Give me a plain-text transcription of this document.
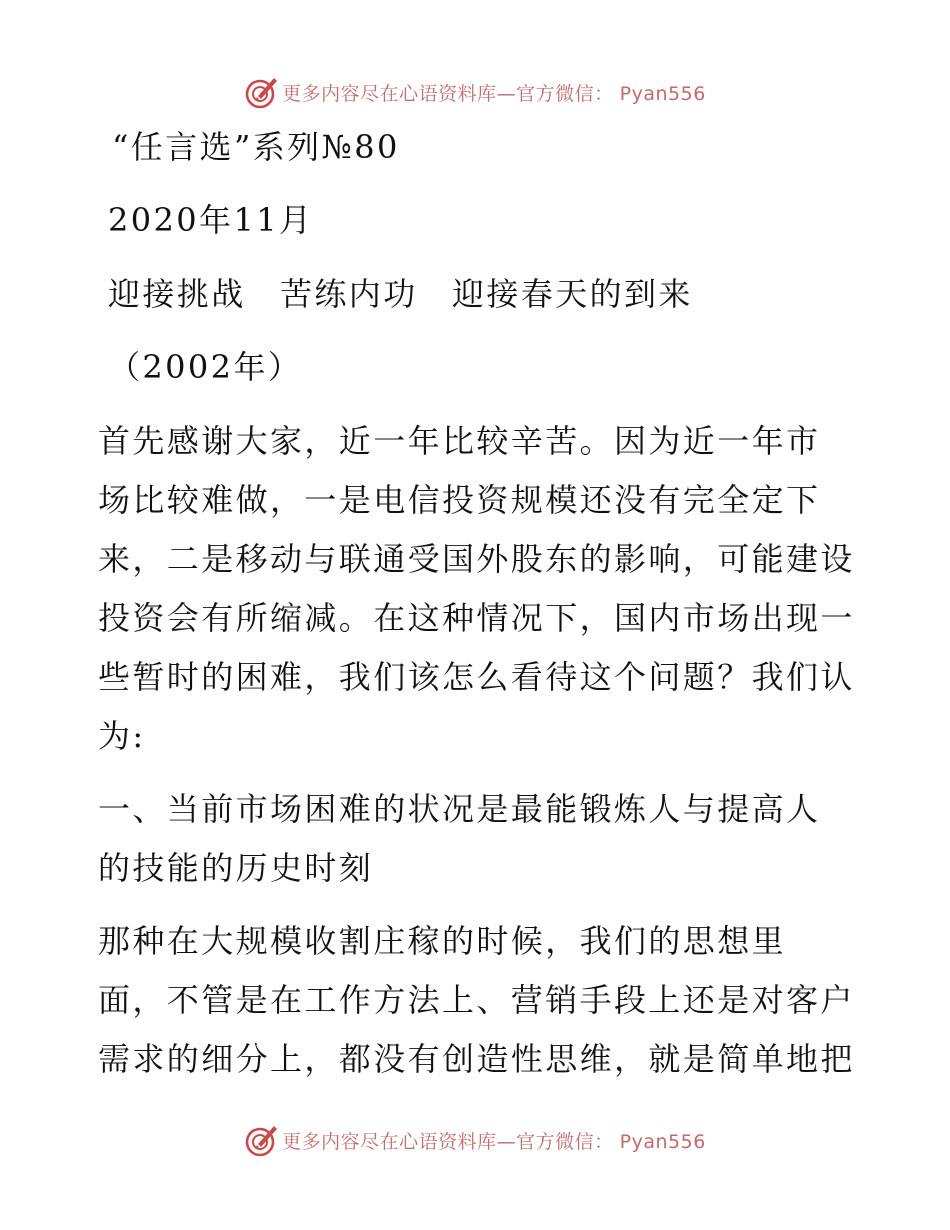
更多内容尽在心语资料库—官方微信： Pyan556
“任言选”系列№80
2020年11月
迎接挑战　苦练内功　迎接春天的到来
（2002年）
首先感谢大家，近一年比较辛苦。因为近一年市
场比较难做，一是电信投资规模还没有完全定下
来，二是移动与联通受国外股东的影响，可能建设
投资会有所缩减。在这种情况下，国内市场出现一
些暂时的困难，我们该怎么看待这个问题？我们认
为:
一、当前市场困难的状况是最能锻炼人与提高人
的技能的历史时刻
那种在大规模收割庄稼的时候，我们的思想里
面，不管是在工作方法上、营销手段上还是对客户
需求的细分上，都没有创造性思维，就是简单地把
更多内容尽在心语资料库—官方微信： Pyan556
